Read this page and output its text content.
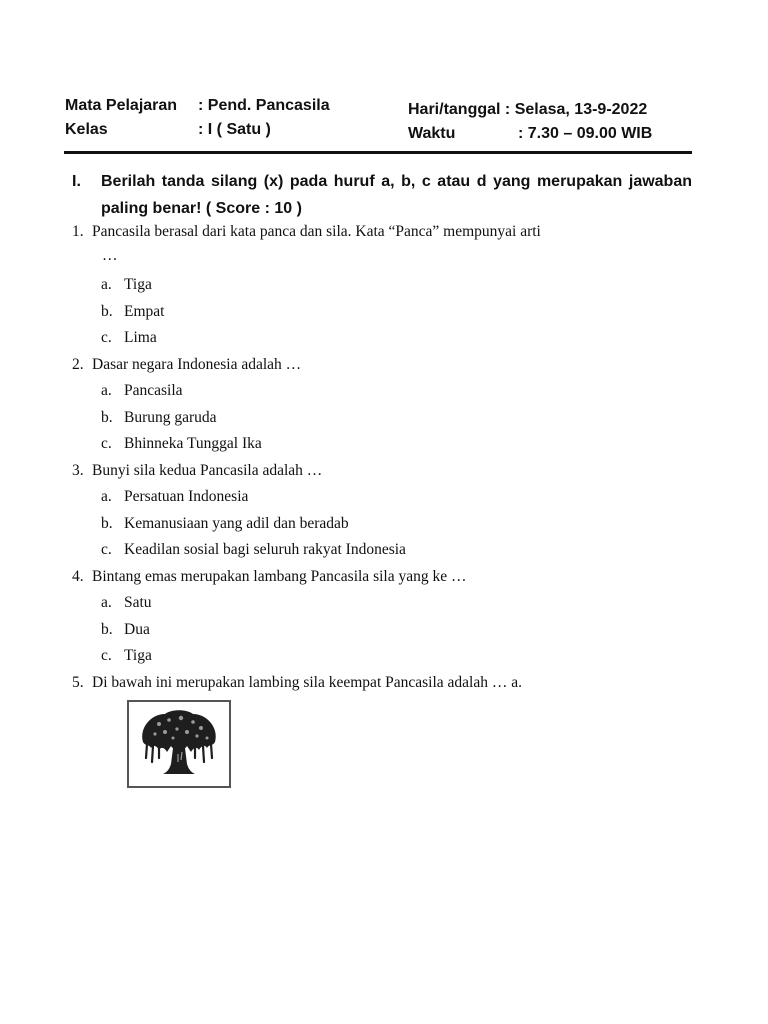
Mata Pelajaran : Pend. Pancasila
Kelas	: I ( Satu )
Hari/tanggal : Selasa, 13-9-2022
Waktu	: 7.30 – 09.00 WIB
I. Berilah tanda silang (x) pada huruf a, b, c atau d yang merupakan jawaban paling benar! ( Score : 10 )
1. Pancasila berasal dari kata panca dan sila. Kata “Panca” mempunyai arti
…
a. Tiga
b. Empat
c. Lima
2. Dasar negara Indonesia adalah …
a. Pancasila
b. Burung garuda
c. Bhinneka Tunggal Ika
3. Bunyi sila kedua Pancasila adalah …
a. Persatuan Indonesia
b. Kemanusiaan yang adil dan beradab
c. Keadilan sosial bagi seluruh rakyat Indonesia
4. Bintang emas merupakan lambang Pancasila sila yang ke …
a. Satu
b. Dua
c. Tiga
5. Di bawah ini merupakan lambing sila keempat Pancasila adalah … a.
